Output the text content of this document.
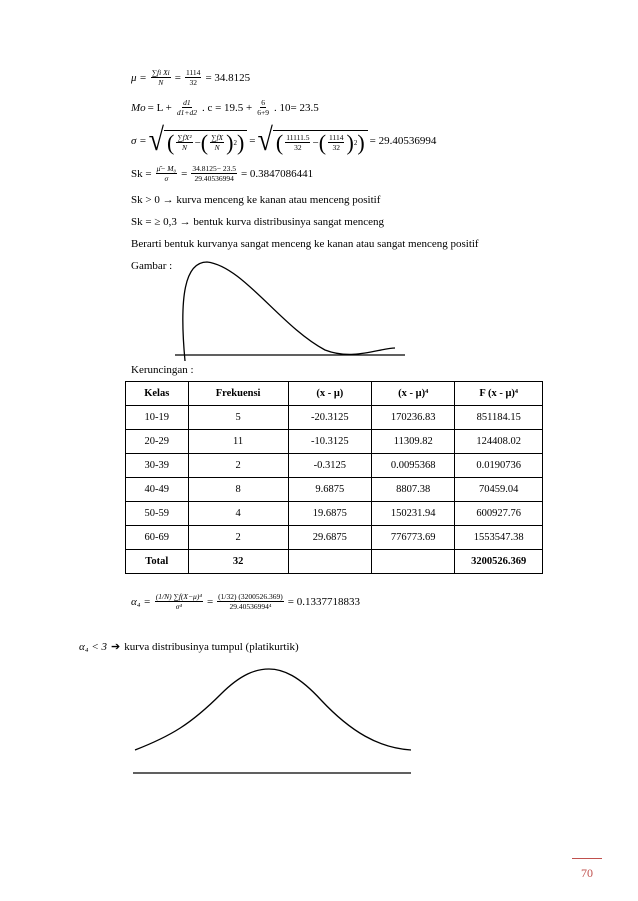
$\mu = \frac{\text{∑fi Xi}}{N} = \frac{1114}{32} = 34.8125$
$Mo = L + \frac{d1}{d1+d2}$ . $c = 19.5 + \frac{6}{6+9}$ . 10= 23.5
σ = √ ( $\frac{\text{∑fX²}}{N}$ − ( $\frac{\sum fX}{N}$ ) 2 ) = √ ( $\frac{11111.5}{32}$ − ( $\frac{1114}{32}$ ) 2 ) = 29.40536994
$Sk = \frac{\text{μ̄− M₀}}{\sigma} = \frac{34.8125- 23.5}{29.40536994} = 0.3847086441$
Sk > 0 → kurva menceng ke kanan atau menceng positif
Sk = ≥ 0,3 → bentuk kurva distribusinya sangat menceng
Berarti bentuk kurvanya sangat menceng ke kanan atau sangat menceng positif
Gambar :
Keruncingan :
Kelas	Frekuensi	(x - μ)	(x - μ)⁴	F (x - μ)⁴
10-19	5	-20.3125	170236.83	851184.15
20-29	11	-10.3125	11309.82	124408.02
30-39	2	-0.3125	0.0095368	0.0190736
40-49	8	9.6875	8807.38	70459.04
50-59	4	19.6875	150231.94	600927.76
60-69	2	29.6875	776773.69	1553547.38
Total	32			3200526.369
$\alpha_4 = \frac{\text{(1/N) ∑f(X−μ)⁴}}{\text{σ⁴}} = \frac{(1/32) (3200526.369)}{\text{29.40536994⁴}} = 0.1337718833$
α₄ < 3 ➔ kurva distribusinya tumpul (platikurtik)
70
